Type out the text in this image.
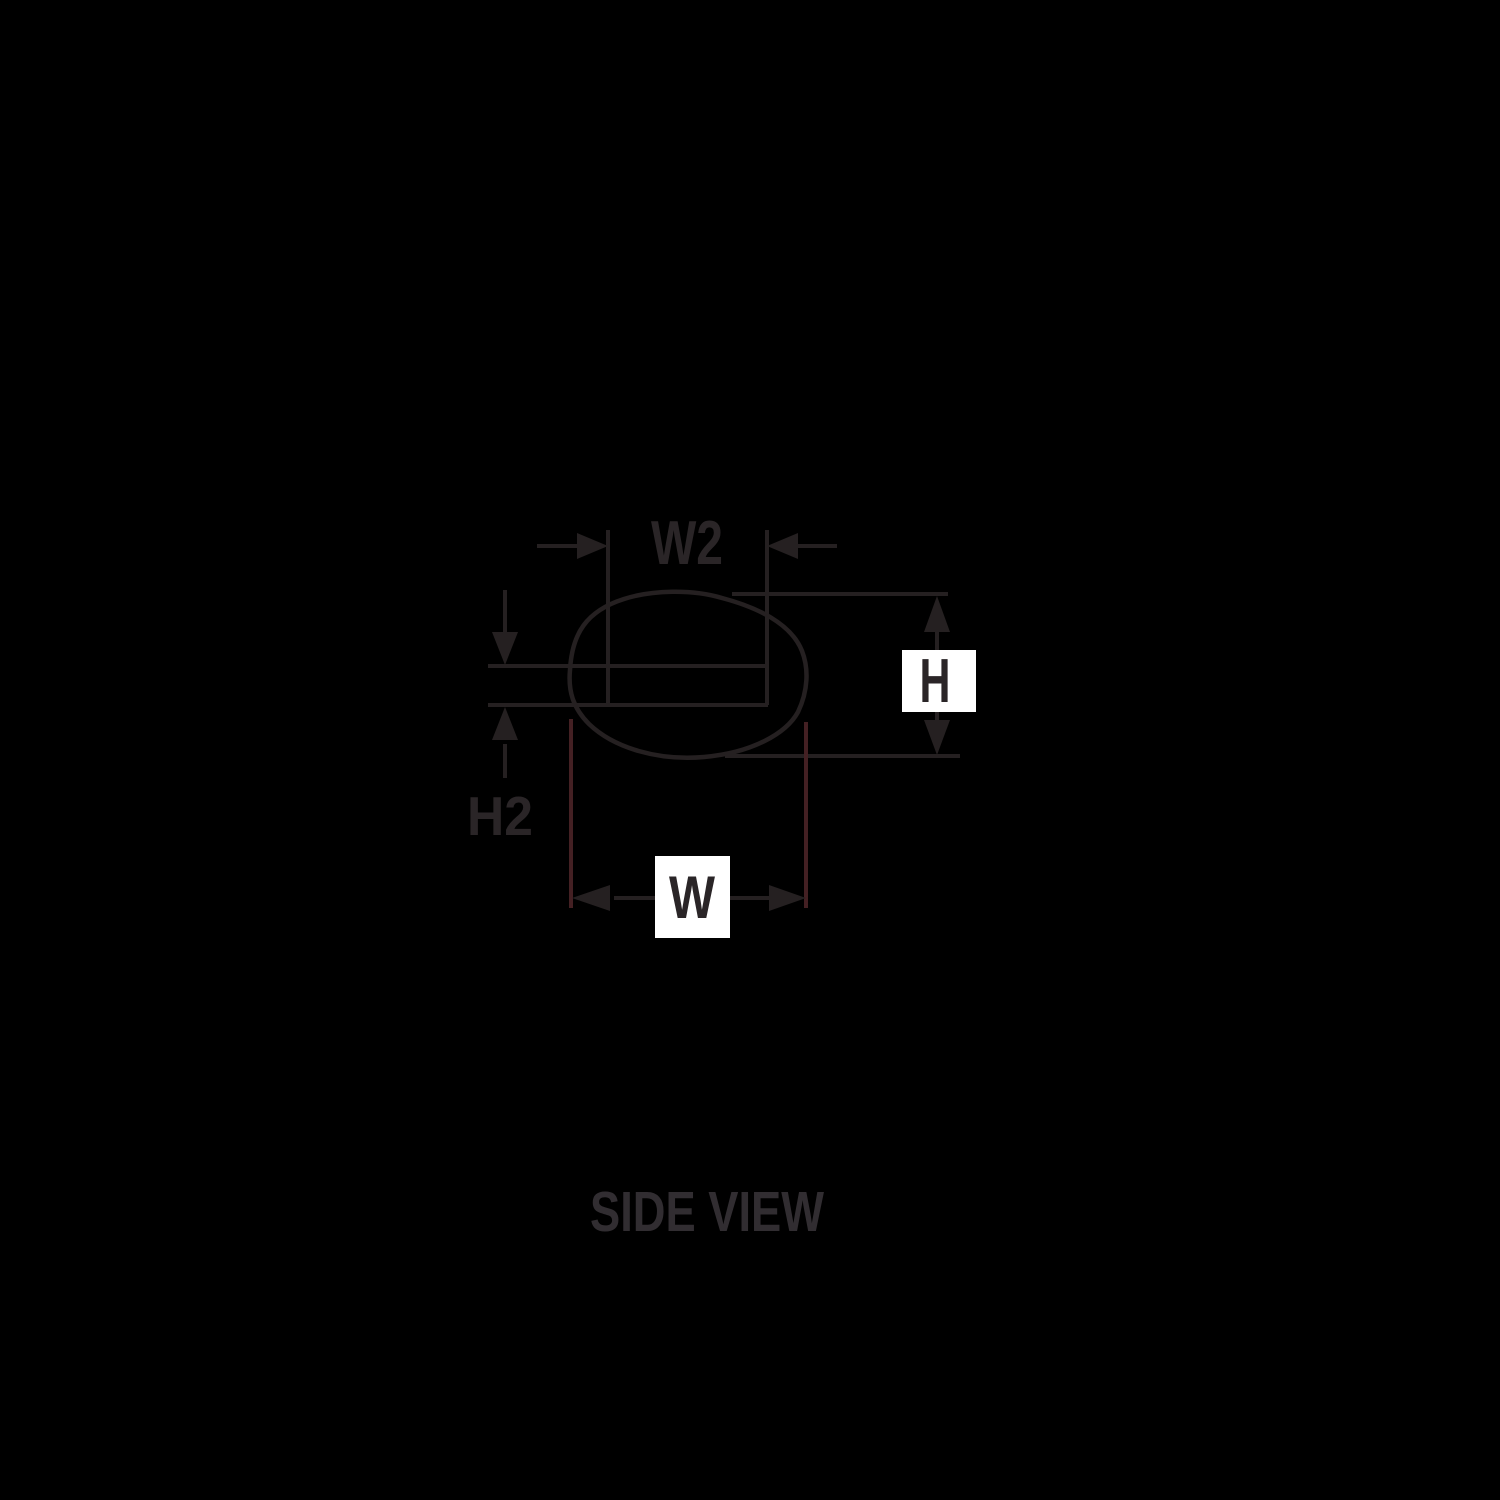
W2
H
H2
W
SIDE VIEW
